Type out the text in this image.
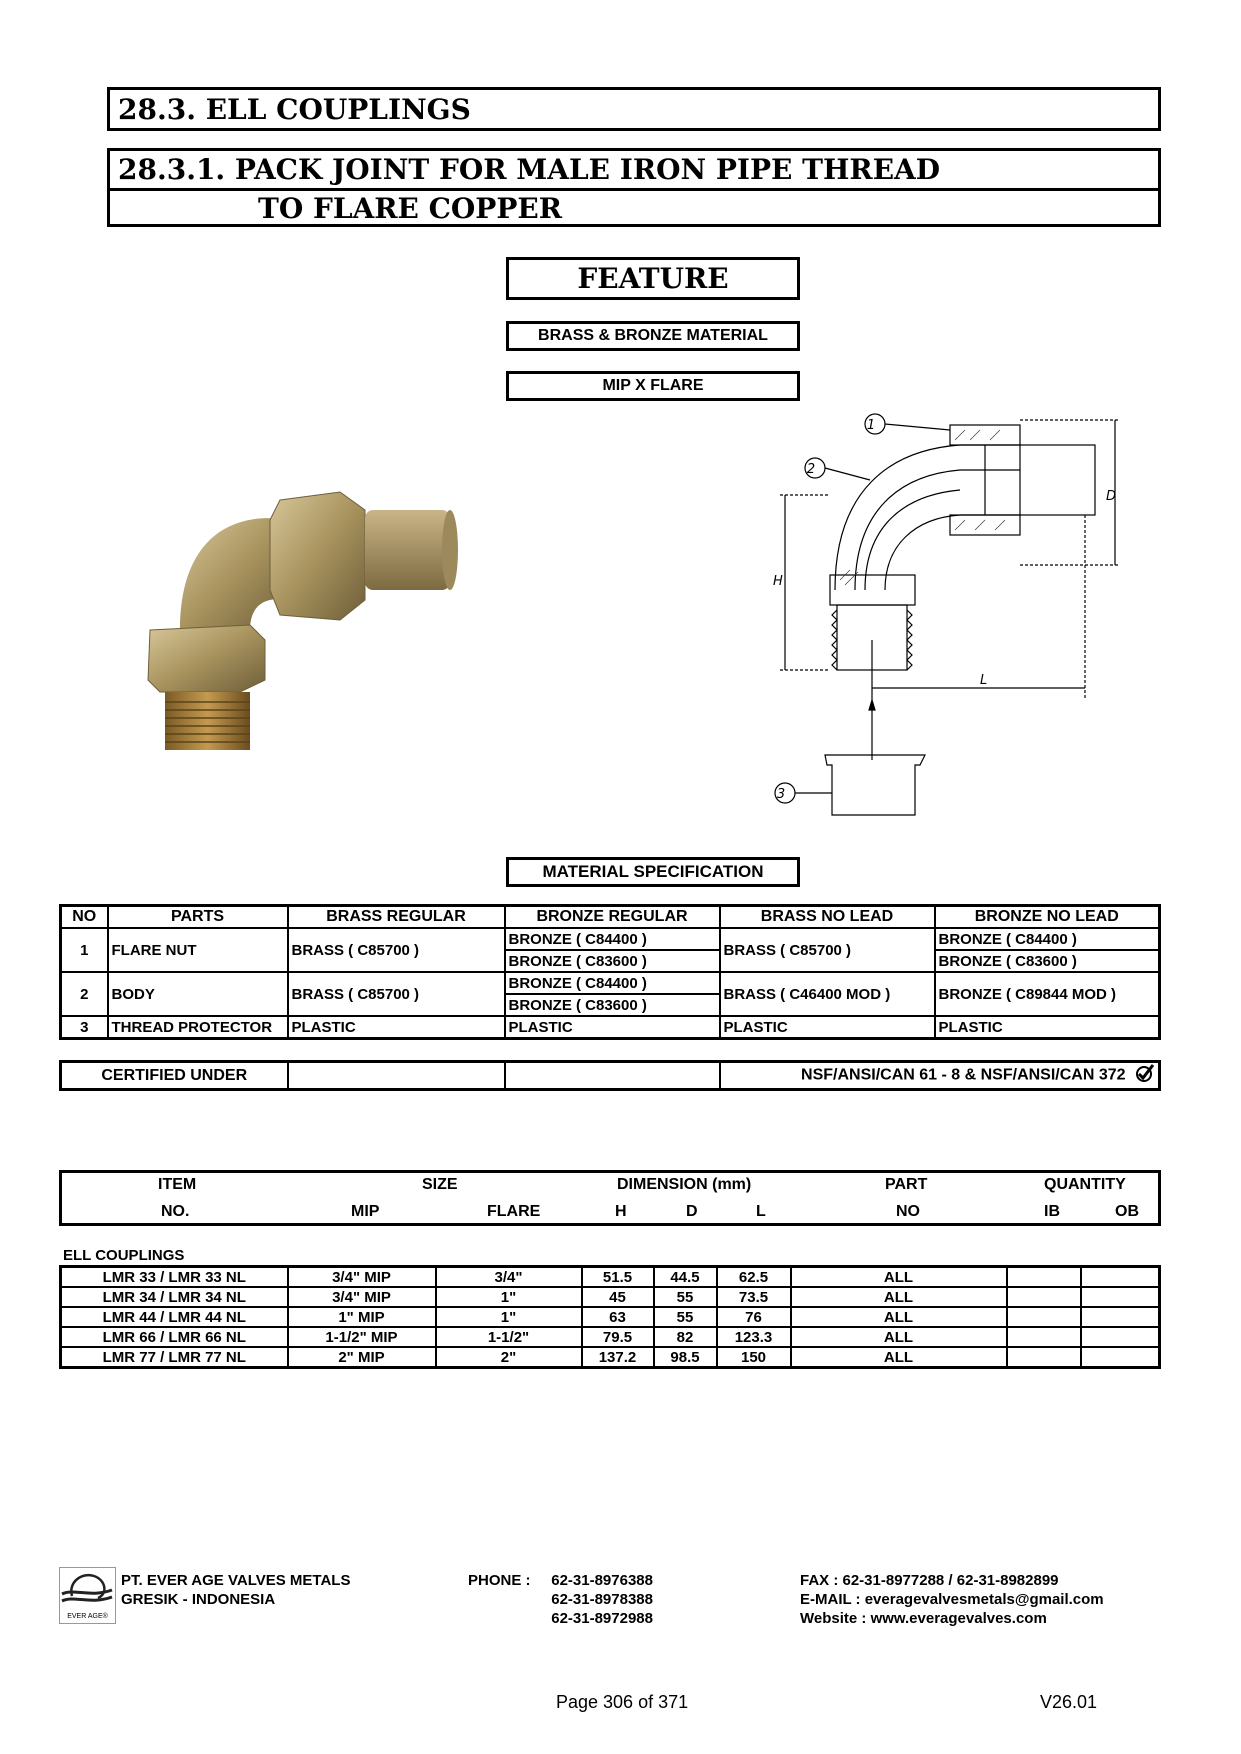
28.3. ELL COUPLINGS
28.3.1. PACK JOINT FOR MALE IRON PIPE THREAD
TO FLARE COPPER
FEATURE
BRASS & BRONZE MATERIAL
MIP X FLARE
1
2
3
D
H
L
MATERIAL SPECIFICATION
NO	PARTS	BRASS REGULAR	BRONZE REGULAR	BRASS NO LEAD	BRONZE NO LEAD
1	FLARE NUT	BRASS ( C85700 )	BRONZE ( C84400 )	BRASS ( C85700 )	BRONZE ( C84400 )
			BRONZE ( C83600 )		BRONZE ( C83600 )
2	BODY	BRASS ( C85700 )	BRONZE ( C84400 )	BRASS ( C46400 MOD )	BRONZE ( C89844 MOD )
			BRONZE ( C83600 )		
3	THREAD PROTECTOR	PLASTIC	PLASTIC	PLASTIC	PLASTIC
CERTIFIED UNDER			NSF/ANSI/CAN 61 - 8 & NSF/ANSI/CAN 372
ITEM	SIZE	DIMENSION (mm)	PART	QUANTITY
NO.	MIP	FLARE	H	D	L	NO	IB	OB
ELL COUPLINGS
LMR 33 / LMR 33 NL	3/4" MIP	3/4"	51.5	44.5	62.5	ALL		
LMR 34 / LMR 34 NL	3/4" MIP	1"	45	55	73.5	ALL		
LMR 44 / LMR 44 NL	1" MIP	1"	63	55	76	ALL		
LMR 66 / LMR 66 NL	1-1/2" MIP	1-1/2"	79.5	82	123.3	ALL		
LMR 77 / LMR 77 NL	2" MIP	2"	137.2	98.5	150	ALL		
EVER AGE®
PT. EVER AGE VALVES METALS
GRESIK - INDONESIA
PHONE :	62-31-8976388
62-31-8978388
62-31-8972988
FAX : 62-31-8977288 / 62-31-8982899
E-MAIL : everagevalvesmetals@gmail.com
Website : www.everagevalves.com
Page 306 of 371	V26.01
